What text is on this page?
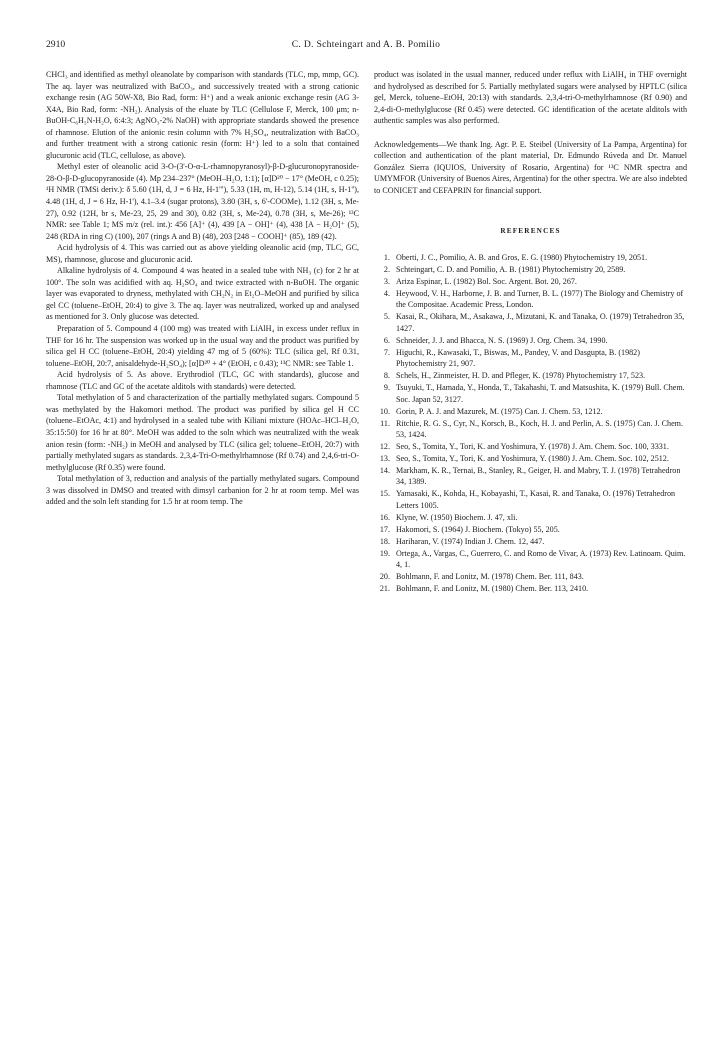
2910	C. D. Schteingart and A. B. Pomilio

CHCl₃ and identified as methyl oleanolate by comparison with standards (TLC, mp, mmp, GC). The aq. layer was neutralized with BaCO₃, and successively treated with a strong cationic exchange resin (AG 50W-X8, Bio Rad, form: H⁺) and a weak anionic exchange resin (AG 3-X4A, Bio Rad, form: -NH₂). Analysis of the eluate by TLC (Cellulose F, Merck, 100 μm; n-BuOH-C₆H₅N-H₂O, 6:4:3; AgNO₃-2% NaOH) with appropriate standards showed the presence of rhamnose. Elution of the anionic resin column with 7% H₂SO₄, neutralization with BaCO₃ and further treatment with a strong cationic resin (form: H⁺) led to a soln that contained glucuronic acid (TLC, cellulose, as above).

Methyl ester of oleanolic acid 3-O-(3'-O-α-L-rhamnopyranosyl)-β-D-glucuronopyranoside-28-O-β-D-glucopyranoside (4). Mp 234–237° (MeOH–H₂O, 1:1); [α]D²⁰ − 17° (MeOH, c 0.25); ¹H NMR (TMSi deriv.): δ 5.60 (1H, d, J = 6 Hz, H-1'''), 5.33 (1H, m, H-12), 5.14 (1H, s, H-1''), 4.48 (1H, d, J = 6 Hz, H-1'), 4.1–3.4 (sugar protons), 3.80 (3H, s, 6'-COOMe), 1.12 (3H, s, Me-27), 0.92 (12H, br s, Me-23, 25, 29 and 30), 0.82 (3H, s, Me-24), 0.78 (3H, s, Me-26); ¹³C NMR: see Table 1; MS m/z (rel. int.): 456 [A]⁺ (4), 439 [A − OH]⁺ (4), 438 [A − H₂O]⁺ (5), 248 (RDA in ring C) (100), 207 (rings A and B) (48), 203 [248 − COOH]⁺ (85), 189 (42).

Acid hydrolysis of 4. This was carried out as above yielding oleanolic acid (mp, TLC, GC, MS), rhamnose, glucose and glucuronic acid.

Alkaline hydrolysis of 4. Compound 4 was heated in a sealed tube with NH₃ (c) for 2 hr at 100°. The soln was acidified with aq. H₂SO₄ and twice extracted with n-BuOH. The organic layer was evaporated to dryness, methylated with CH₂N₂ in Et₂O–MeOH and purified by silica gel CC (toluene–EtOH, 20:4) to give 3. The aq. layer was neutralized, worked up and analysed as mentioned for 3. Only glucose was detected.

Preparation of 5. Compound 4 (100 mg) was treated with LiAlH₄ in excess under reflux in THF for 16 hr. The suspension was worked up in the usual way and the product was purified by silica gel H CC (toluene–EtOH, 20:4) yielding 47 mg of 5 (60%): TLC (silica gel, Rf 0.31, toluene–EtOH, 20:7, anisaldehyde-H₂SO₄); [α]D²⁰ + 4° (EtOH, c 0.43); ¹³C NMR: see Table 1.

Acid hydrolysis of 5. As above. Erythrodiol (TLC, GC with standards), glucose and rhamnose (TLC and GC of the acetate alditols with standards) were detected.

Total methylation of 5 and characterization of the partially methylated sugars. Compound 5 was methylated by the Hakomori method. The product was purified by silica gel H CC (toluene–EtOAc, 4:1) and hydrolysed in a sealed tube with Kiliani mixture (HOAc–HCl–H₂O, 35:15:50) for 16 hr at 80°. MeOH was added to the soln which was neutralized with the weak anion resin (form: -NH₂) in MeOH and analysed by TLC (silica gel; toluene–EtOH, 20:7) with partially methylated sugars as standards. 2,3,4-Tri-O-methylrhamnose (Rf 0.74) and 2,4,6-tri-O-methylglucose (Rf 0.35) were found.

Total methylation of 3, reduction and analysis of the partially methylated sugars. Compound 3 was dissolved in DMSO and treated with dimsyl carbanion for 2 hr at room temp. MeI was added and the soln left standing for 1.5 hr at room temp. The

product was isolated in the usual manner, reduced under reflux with LiAlH₄ in THF overnight and hydrolysed as described for 5. Partially methylated sugars were analysed by HPTLC (silica gel, Merck, toluene–EtOH, 20:13) with standards. 2,3,4-tri-O-methylrhamnose (Rf 0.90) and 2,4-di-O-methylglucose (Rf 0.45) were detected. GC identification of the acetate alditols with authentic samples was also performed.

Acknowledgements—We thank Ing. Agr. P. E. Steibel (University of La Pampa, Argentina) for collection and authentication of the plant material, Dr. Edmundo Rúveda and Dr. Manuel González Sierra (IQUIOS, University of Rosario, Argentina) for ¹³C NMR spectra and UMYMFOR (University of Buenos Aires, Argentina) for the other spectra. We are also indebted to CONICET and CEFAPRIN for financial support.

REFERENCES
1. Oberti, J. C., Pomilio, A. B. and Gros, E. G. (1980) Phytochemistry 19, 2051.
2. Schteingart, C. D. and Pomilio, A. B. (1981) Phytochemistry 20, 2589.
3. Ariza Espinar, L. (1982) Bol. Soc. Argent. Bot. 20, 267.
4. Heywood, V. H., Harborne, J. B. and Turner, B. L. (1977) The Biology and Chemistry of the Compositae. Academic Press, London.
5. Kasai, R., Okihara, M., Asakawa, J., Mizutani, K. and Tanaka, O. (1979) Tetrahedron 35, 1427.
6. Schneider, J. J. and Bhacca, N. S. (1969) J. Org. Chem. 34, 1990.
7. Higuchi, R., Kawasaki, T., Biswas, M., Pandey, V. and Dasgupta, B. (1982) Phytochemistry 21, 907.
8. Schels, H., Zinmeister, H. D. and Pfleger, K. (1978) Phytochemistry 17, 523.
9. Tsuyuki, T., Hamada, Y., Honda, T., Takahashi, T. and Matsushita, K. (1979) Bull. Chem. Soc. Japan 52, 3127.
10. Gorin, P. A. J. and Mazurek, M. (1975) Can. J. Chem. 53, 1212.
11. Ritchie, R. G. S., Cyr, N., Korsch, B., Koch, H. J. and Perlin, A. S. (1975) Can. J. Chem. 53, 1424.
12. Seo, S., Tomita, Y., Tori, K. and Yoshimura, Y. (1978) J. Am. Chem. Soc. 100, 3331.
13. Seo, S., Tomita, Y., Tori, K. and Yoshimura, Y. (1980) J. Am. Chem. Soc. 102, 2512.
14. Markham, K. R., Ternai, B., Stanley, R., Geiger, H. and Mabry, T. J. (1978) Tetrahedron 34, 1389.
15. Yamasaki, K., Kohda, H., Kobayashi, T., Kasai, R. and Tanaka, O. (1976) Tetrahedron Letters 1005.
16. Klyne, W. (1950) Biochem. J. 47, xli.
17. Hakomori, S. (1964) J. Biochem. (Tokyo) 55, 205.
18. Hariharan, V. (1974) Indian J. Chem. 12, 447.
19. Ortega, A., Vargas, C., Guerrero, C. and Romo de Vivar, A. (1973) Rev. Latinoam. Quim. 4, 1.
20. Bohlmann, F. and Lonitz, M. (1978) Chem. Ber. 111, 843.
21. Bohlmann, F. and Lonitz, M. (1980) Chem. Ber. 113, 2410.
